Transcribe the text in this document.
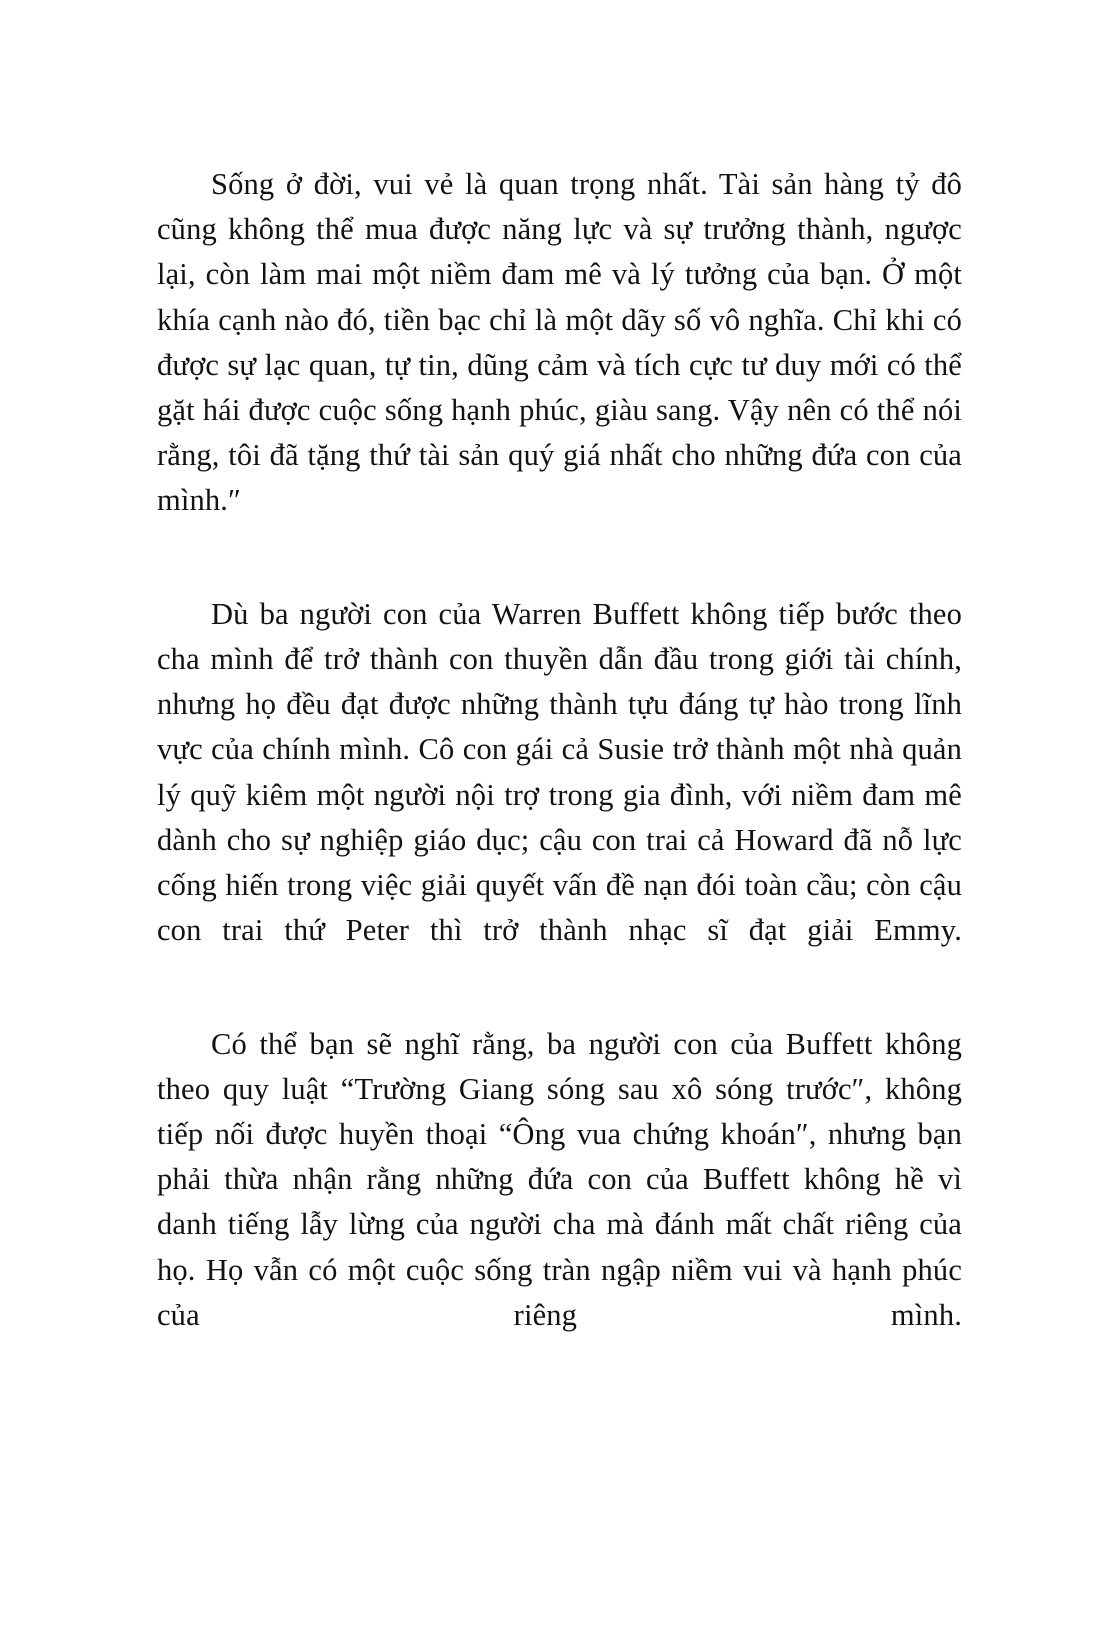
Sống ở đời, vui vẻ là quan trọng nhất. Tài sản hàng tỷ đô cũng không thể mua được năng lực và sự trưởng thành, ngược lại, còn làm mai một niềm đam mê và lý tưởng của bạn. Ở một khía cạnh nào đó, tiền bạc chỉ là một dãy số vô nghĩa. Chỉ khi có được sự lạc quan, tự tin, dũng cảm và tích cực tư duy mới có thể gặt hái được cuộc sống hạnh phúc, giàu sang. Vậy nên có thể nói rằng, tôi đã tặng thứ tài sản quý giá nhất cho những đứa con của mình.″

Dù ba người con của Warren Buffett không tiếp bước theo cha mình để trở thành con thuyền dẫn đầu trong giới tài chính, nhưng họ đều đạt được những thành tựu đáng tự hào trong lĩnh vực của chính mình. Cô con gái cả Susie trở thành một nhà quản lý quỹ kiêm một người nội trợ trong gia đình, với niềm đam mê dành cho sự nghiệp giáo dục; cậu con trai cả Howard đã nỗ lực cống hiến trong việc giải quyết vấn đề nạn đói toàn cầu; còn cậu con trai thứ Peter thì trở thành nhạc sĩ đạt giải Emmy.

Có thể bạn sẽ nghĩ rằng, ba người con của Buffett không theo quy luật “Trường Giang sóng sau xô sóng trước″, không tiếp nối được huyền thoại “Ông vua chứng khoán″, nhưng bạn phải thừa nhận rằng những đứa con của Buffett không hề vì danh tiếng lẫy lừng của người cha mà đánh mất chất riêng của họ. Họ vẫn có một cuộc sống tràn ngập niềm vui và hạnh phúc của riêng mình.
